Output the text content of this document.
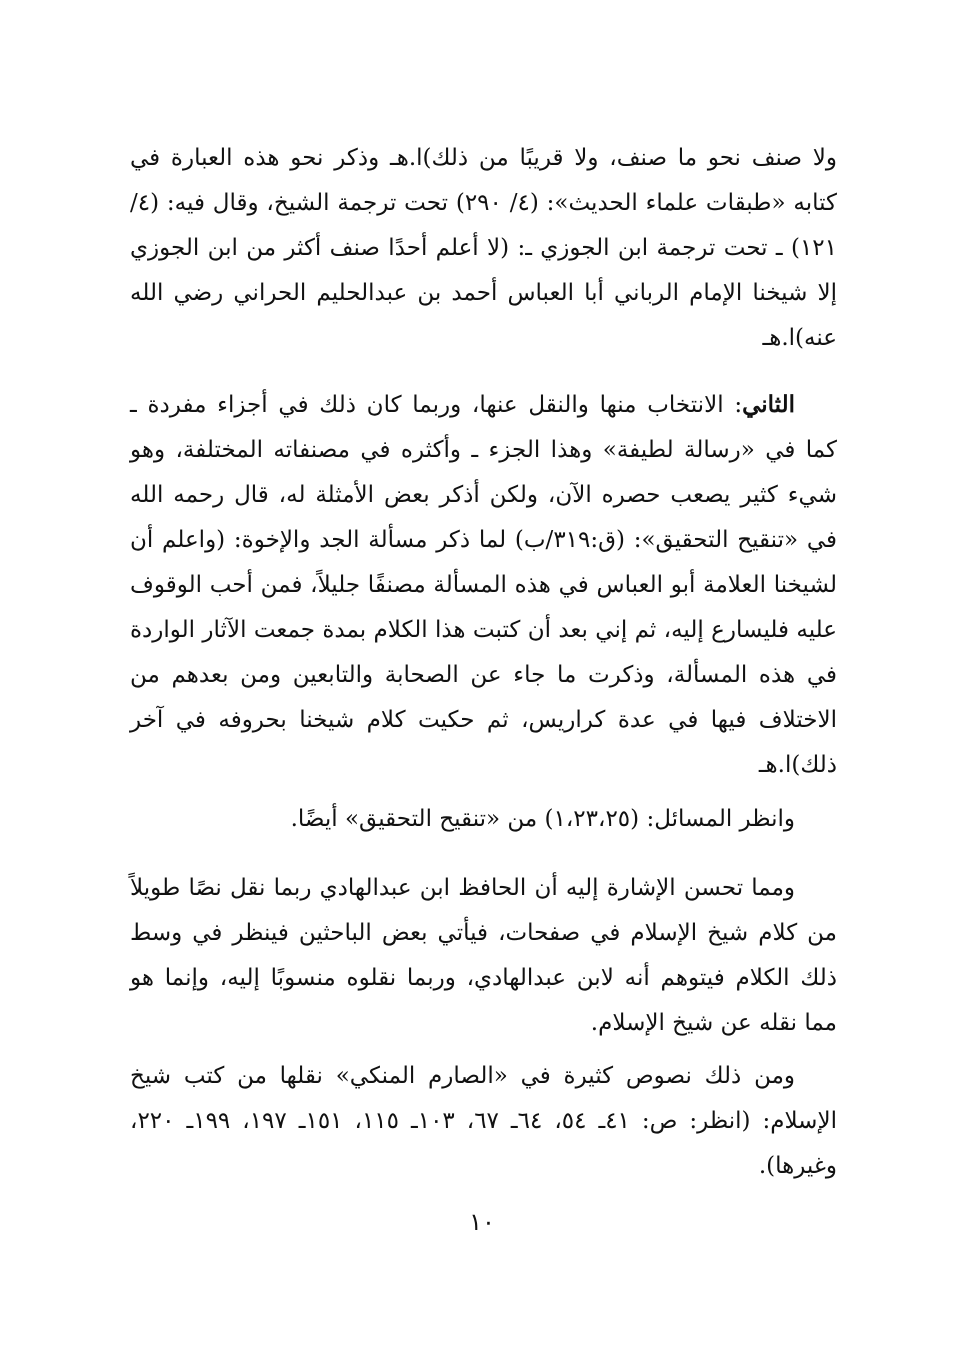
ولا صنف نحو ما صنف، ولا قريبًا من ذلك)ا.هـ وذكر نحو هذه العبارة في كتابه «طبقات علماء الحديث»: (٤/ ٢٩٠) تحت ترجمة الشيخ، وقال فيه: (٤/ ١٢١) ـ تحت ترجمة ابن الجوزي ـ: (لا أعلم أحدًا صنف أكثر من ابن الجوزي إلا شيخنا الإمام الرباني أبا العباس أحمد بن عبدالحليم الحراني رضي الله عنه)ا.هـ

الثاني: الانتخاب منها والنقل عنها، وربما كان ذلك في أجزاء مفردة ـ كما في «رسالة لطيفة» وهذا الجزء ـ وأكثره في مصنفاته المختلفة، وهو شيء كثير يصعب حصره الآن، ولكن أذكر بعض الأمثلة له، قال رحمه الله في «تنقيح التحقيق»: (ق:٣١٩/ب) لما ذكر مسألة الجد والإخوة: (واعلم أن لشيخنا العلامة أبو العباس في هذه المسألة مصنفًا جليلاً، فمن أحب الوقوف عليه فليسارع إليه، ثم إني بعد أن كتبت هذا الكلام بمدة جمعت الآثار الواردة في هذه المسألة، وذكرت ما جاء عن الصحابة والتابعين ومن بعدهم من الاختلاف فيها في عدة كراريس، ثم حكيت كلام شيخنا بحروفه في آخر ذلك)ا.هـ

وانظر المسائل: (١،٢٣،٢٥) من «تنقيح التحقيق» أيضًا.

ومما تحسن الإشارة إليه أن الحافظ ابن عبدالهادي ربما نقل نصًا طويلاً من كلام شيخ الإسلام في صفحات، فيأتي بعض الباحثين فينظر في وسط ذلك الكلام فيتوهم أنه لابن عبدالهادي، وربما نقلوه منسوبًا إليه، وإنما هو مما نقله عن شيخ الإسلام.

ومن ذلك نصوص كثيرة في «الصارم المنكي» نقلها من كتب شيخ الإسلام: (انظر: ص: ٤١ـ ٥٤، ٦٤ـ ٦٧، ١٠٣ـ ١١٥، ١٥١ـ ١٩٧، ١٩٩ـ ٢٢٠، وغيرها).

١٠
